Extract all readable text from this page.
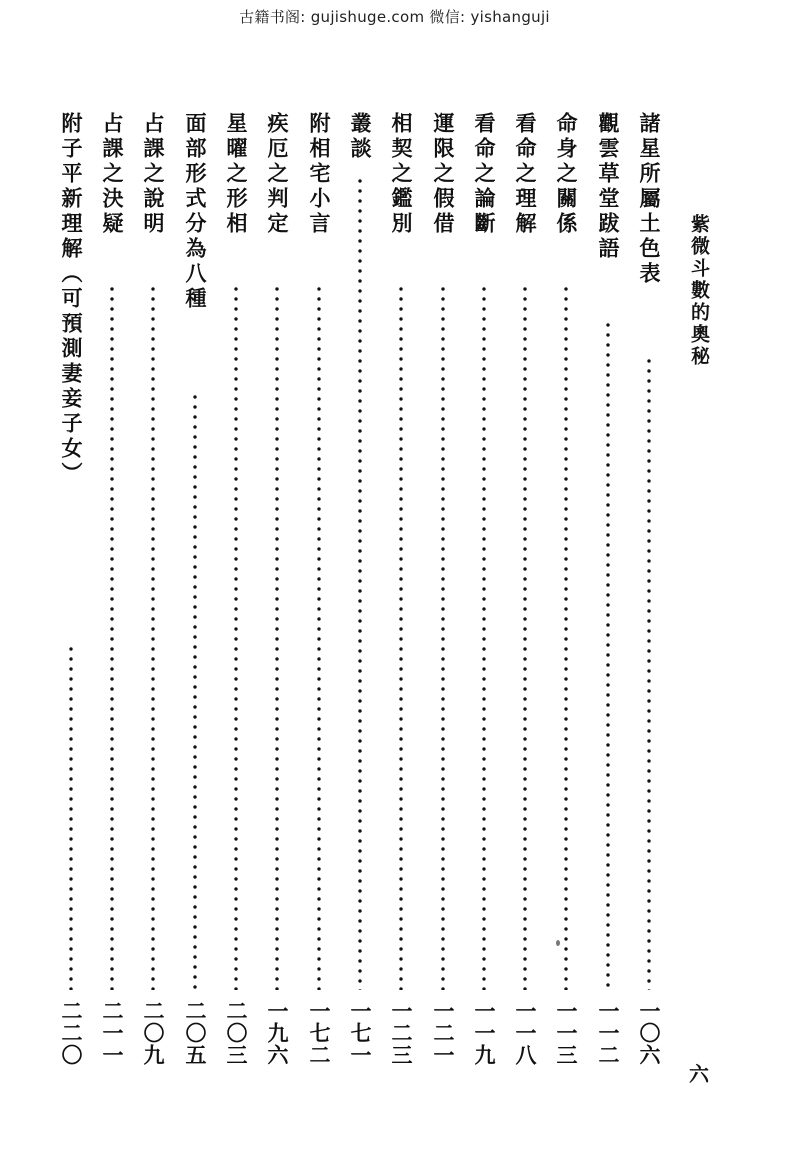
古籍书阁: gujishuge.com 微信: yishanguji
紫微斗數的奧秘
諸星所屬土色表
一〇六
觀雲草堂跋語
一一二
命身之關係
一一三
看命之理解
一一八
看命之論斷
一一九
運限之假借
一二一
相契之鑑別
一二三
叢談
一七一
附相宅小言
一七二
疾厄之判定
一九六
星曜之形相
二〇三
面部形式分為八種
二〇五
占課之說明
二〇九
占課之決疑
二一一
附子平新理解（可預測妻妾子女）
二二〇
六
